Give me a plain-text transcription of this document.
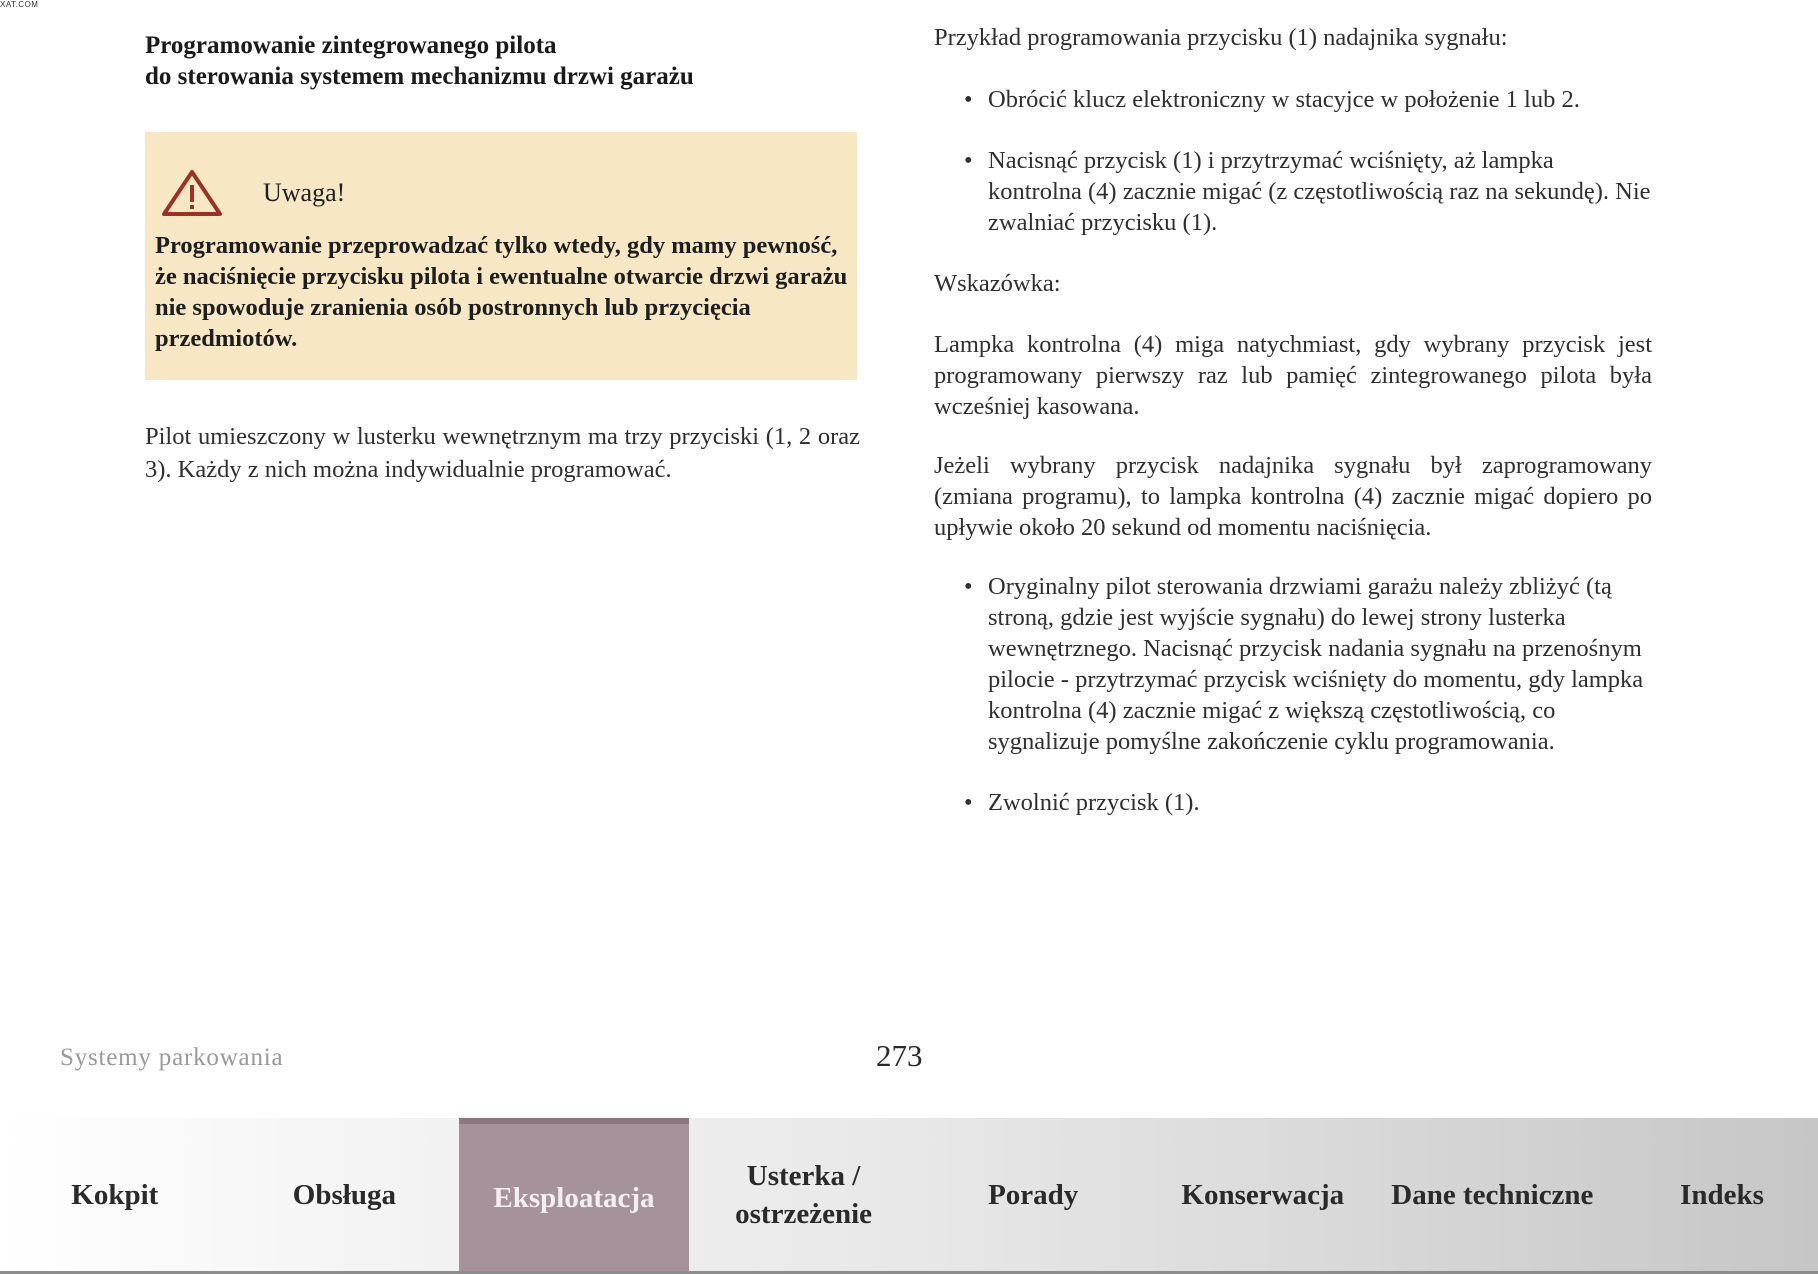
XAT.COM
Programowanie zintegrowanego pilota
do sterowania systemem mechanizmu drzwi garażu
Uwaga!
Programowanie przeprowadzać tylko wtedy, gdy mamy pewność, że naciśnięcie przycisku pilota i ewentualne otwarcie drzwi garażu nie spowoduje zranienia osób postronnych lub przycięcia przedmiotów.

Pilot umieszczony w lusterku wewnętrznym ma trzy przyciski (1, 2 oraz 3). Każdy z nich można indywidualnie programować.

Przykład programowania przycisku (1) nadajnika sygnału:

• Obrócić klucz elektroniczny w stacyjce w położenie 1 lub 2.
• Nacisnąć przycisk (1) i przytrzymać wciśnięty, aż lampka kontrolna (4) zacznie migać (z częstotliwością raz na sekundę). Nie zwalniać przycisku (1).

Wskazówka:

Lampka kontrolna (4) miga natychmiast, gdy wybrany przycisk jest programowany pierwszy raz lub pamięć zintegrowanego pilota była wcześniej kasowana.

Jeżeli wybrany przycisk nadajnika sygnału był zaprogramowany (zmiana programu), to lampka kontrolna (4) zacznie migać dopiero po upływie około 20 sekund od momentu naciśnięcia.

• Oryginalny pilot sterowania drzwiami garażu należy zbliżyć (tą stroną, gdzie jest wyjście sygnału) do lewej strony lusterka wewnętrznego. Nacisnąć przycisk nadania sygnału na przenośnym pilocie - przytrzymać przycisk wciśnięty do momentu, gdy lampka kontrolna (4) zacznie migać z większą częstotliwością, co sygnalizuje pomyślne zakończenie cyklu programowania.
• Zwolnić przycisk (1).
Systemy parkowania	273
Kokpit	Obsługa	Eksploatacja
Usterka / ostrzeżenie
Porady	Konserwacja	Dane techniczne	Indeks
